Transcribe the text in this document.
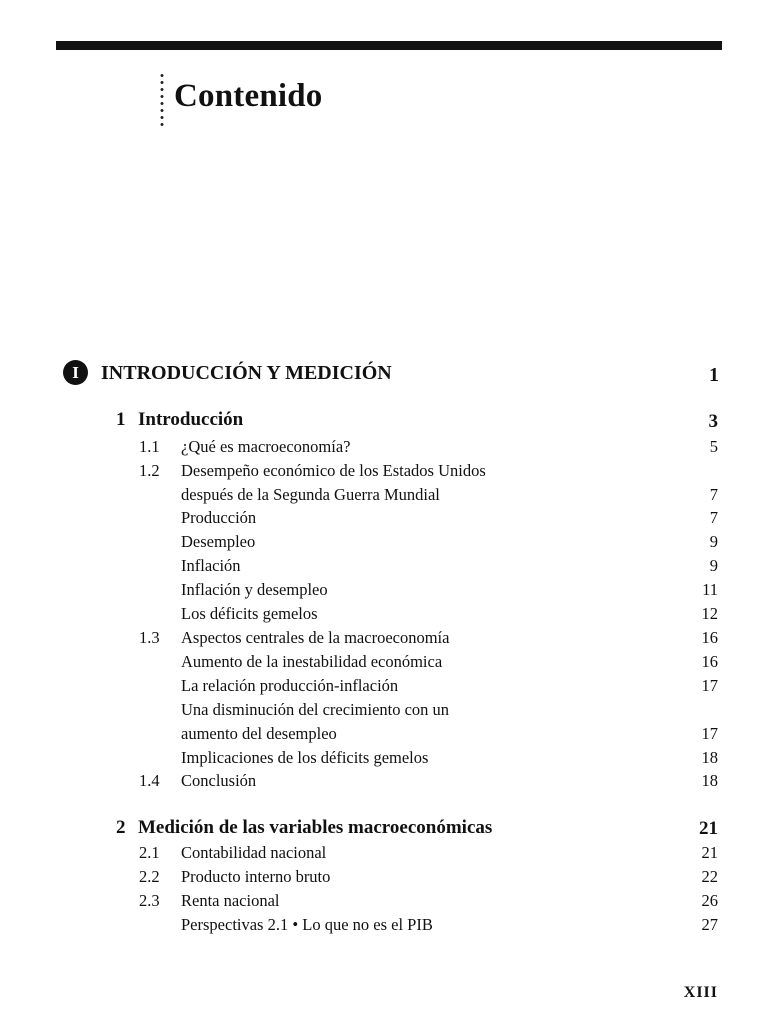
Contenido
I	INTRODUCCIÓN Y MEDICIÓN	1
1 Introducción	3
1.1 ¿Qué es macroeconomía?	5
1.2 Desempeño económico de los Estados Unidos
después de la Segunda Guerra Mundial	7
Producción	7
Desempleo	9
Inflación	9
Inflación y desempleo	11
Los déficits gemelos	12
1.3 Aspectos centrales de la macroeconomía	16
Aumento de la inestabilidad económica	16
La relación producción-inflación	17
Una disminución del crecimiento con un
aumento del desempleo	17
Implicaciones de los déficits gemelos	18
1.4 Conclusión	18
2 Medición de las variables macroeconómicas	21
2.1 Contabilidad nacional	21
2.2 Producto interno bruto	22
2.3 Renta nacional	26
Perspectivas 2.1 • Lo que no es el PIB	27
XIII
